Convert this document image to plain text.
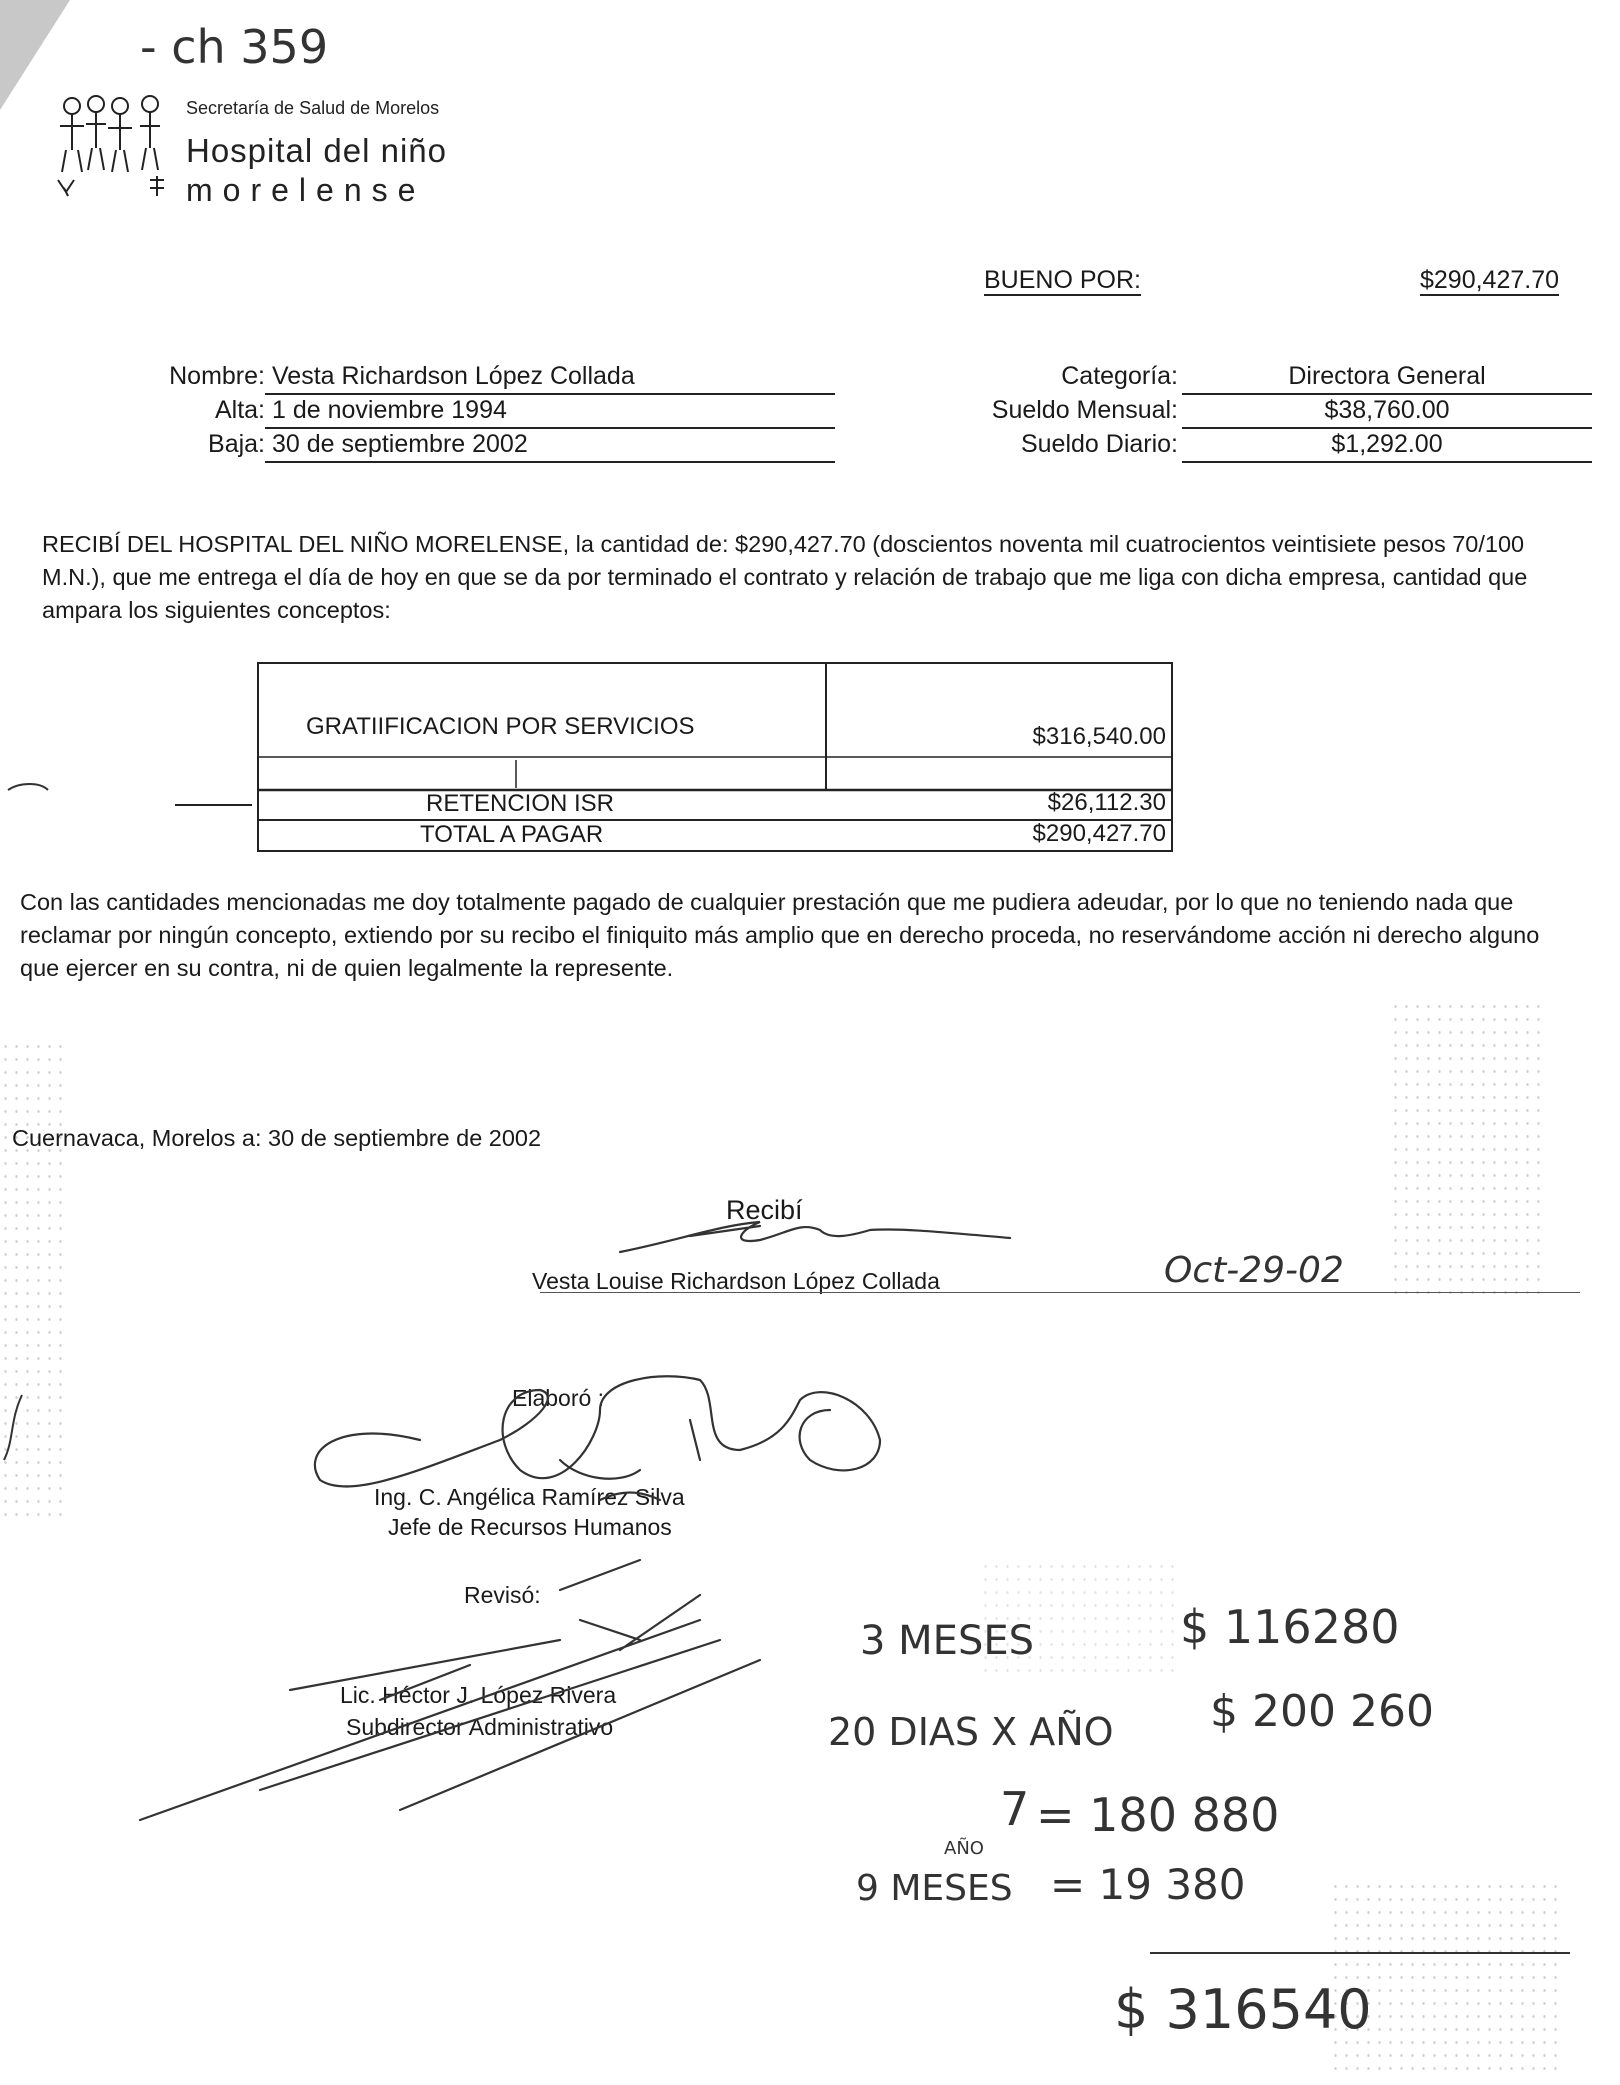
- ch 359
Secretaría de Salud de Morelos
Hospital del niño
morelense
BUENO POR:	$290,427.70
Nombre: Vesta Richardson López Collada
Alta: 1 de noviembre 1994
Baja: 30 de septiembre 2002
Categoría:	Directora General
Sueldo Mensual:	$38,760.00
Sueldo Diario:	$1,292.00
RECIBÍ DEL HOSPITAL DEL NIÑO MORELENSE, la cantidad de: $290,427.70 (doscientos noventa mil cuatrocientos veintisiete pesos 70/100 M.N.), que me entrega el día de hoy en que se da por terminado el contrato y relación de trabajo que me liga con dicha empresa, cantidad que ampara los siguientes conceptos:
GRATIIFICACION POR SERVICIOS	$316,540.00
RETENCION ISR	$26,112.30
TOTAL A PAGAR	$290,427.70
Con las cantidades mencionadas me doy totalmente pagado de cualquier prestación que me pudiera adeudar, por lo que no teniendo nada que reclamar por ningún concepto, extiendo por su recibo el finiquito más amplio que en derecho proceda, no reservándome acción ni derecho alguno que ejercer en su contra, ni de quien legalmente la represente.
Cuernavaca, Morelos a: 30 de septiembre de 2002
Recibí
Vesta Louise Richardson López Collada	Oct-29-02
Elaboró :
Ing. C. Angélica Ramírez Silva
Jefe de Recursos Humanos
Revisó:
Lic. Héctor J. López Rivera
Subdirector Administrativo
3 MESES	$ 116280
20 DIAS X AÑO $ 200 260
7
AÑO
= 180 880
9 MESES = 19 380
$ 316540
